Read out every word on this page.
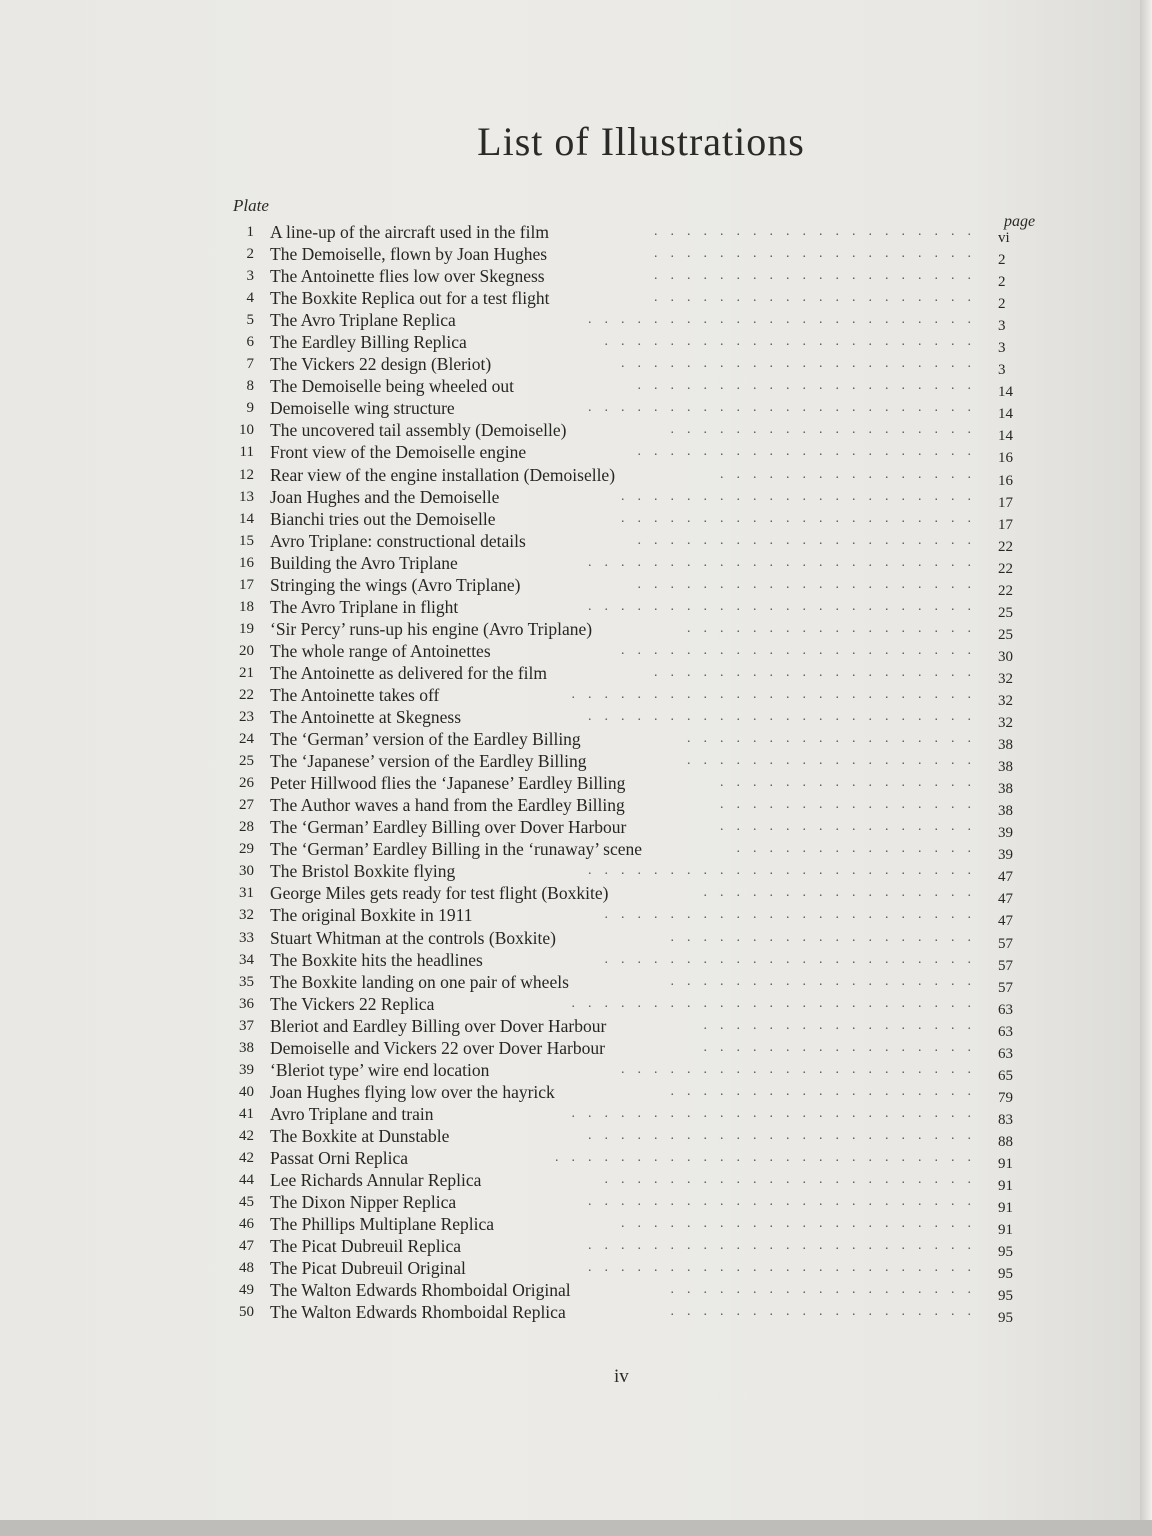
List of Illustrations
Plate
page
1 A line-up of the aircraft used in the film	.................... vi
2 The Demoiselle, flown by Joan Hughes	.................... 2
3 The Antoinette flies low over Skegness	.................... 2
4 The Boxkite Replica out for a test flight	.................... 2
5 The Avro Triplane Replica	........................ 3
6 The Eardley Billing Replica	....................... 3
7 The Vickers 22 design (Bleriot)	...................... 3
8 The Demoiselle being wheeled out	..................... 14
9 Demoiselle wing structure	........................ 14
10 The uncovered tail assembly (Demoiselle)	................... 14
11 Front view of the Demoiselle engine	..................... 16
12 Rear view of the engine installation (Demoiselle)	................ 16
13 Joan Hughes and the Demoiselle	...................... 17
14 Bianchi tries out the Demoiselle	...................... 17
15 Avro Triplane: constructional details	..................... 22
16 Building the Avro Triplane	........................ 22
17 Stringing the wings (Avro Triplane)	..................... 22
18 The Avro Triplane in flight	........................ 25
19 ‘Sir Percy’ runs-up his engine (Avro Triplane)	.................. 25
20 The whole range of Antoinettes	...................... 30
21 The Antoinette as delivered for the film	.................... 32
22 The Antoinette takes off	......................... 32
23 The Antoinette at Skegness	........................ 32
24 The ‘German’ version of the Eardley Billing	.................. 38
25 The ‘Japanese’ version of the Eardley Billing	.................. 38
26 Peter Hillwood flies the ‘Japanese’ Eardley Billing	................ 38
27 The Author waves a hand from the Eardley Billing	................ 38
28 The ‘German’ Eardley Billing over Dover Harbour	................ 39
29 The ‘German’ Eardley Billing in the ‘runaway’ scene	............... 39
30 The Bristol Boxkite flying	........................ 47
31 George Miles gets ready for test flight (Boxkite)	................. 47
32 The original Boxkite in 1911	....................... 47
33 Stuart Whitman at the controls (Boxkite)	................... 57
34 The Boxkite hits the headlines	....................... 57
35 The Boxkite landing on one pair of wheels	................... 57
36 The Vickers 22 Replica	......................... 63
37 Bleriot and Eardley Billing over Dover Harbour	................. 63
38 Demoiselle and Vickers 22 over Dover Harbour	................. 63
39 ‘Bleriot type’ wire end location	...................... 65
40 Joan Hughes flying low over the hayrick	................... 79
41 Avro Triplane and train	......................... 83
42 The Boxkite at Dunstable	........................ 88
42 Passat Orni Replica	.......................... 91
44 Lee Richards Annular Replica	....................... 91
45 The Dixon Nipper Replica	........................ 91
46 The Phillips Multiplane Replica	...................... 91
47 The Picat Dubreuil Replica	........................ 95
48 The Picat Dubreuil Original	........................ 95
49 The Walton Edwards Rhomboidal Original	................... 95
50 The Walton Edwards Rhomboidal Replica	................... 95
iv
